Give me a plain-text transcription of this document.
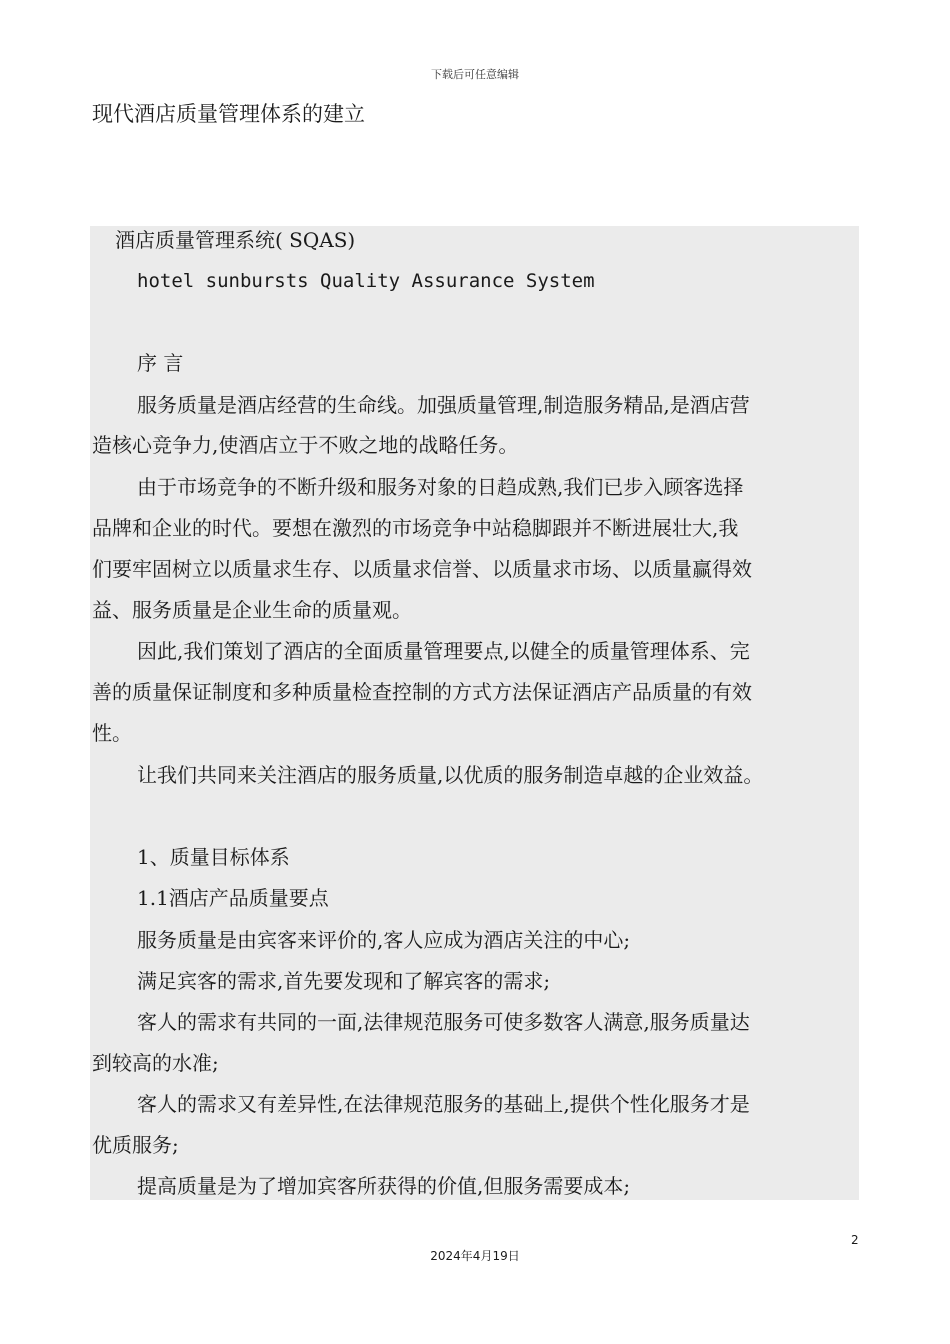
下载后可任意编辑
现代酒店质量管理体系的建立

酒店质量管理系统( SQAS)

hotel sunbursts Quality Assurance System

序 言

服务质量是酒店经营的生命线。加强质量管理,制造服务精品,是酒店营

造核心竞争力,使酒店立于不败之地的战略任务。

由于市场竞争的不断升级和服务对象的日趋成熟,我们已步入顾客选择

品牌和企业的时代。要想在激烈的市场竞争中站稳脚跟并不断进展壮大,我

们要牢固树立以质量求生存、以质量求信誉、以质量求市场、以质量赢得效

益、服务质量是企业生命的质量观。

因此,我们策划了酒店的全面质量管理要点,以健全的质量管理体系、完

善的质量保证制度和多种质量检查控制的方式方法保证酒店产品质量的有效

性。

让我们共同来关注酒店的服务质量,以优质的服务制造卓越的企业效益。

1、质量目标体系

1.1酒店产品质量要点

服务质量是由宾客来评价的,客人应成为酒店关注的中心;

满足宾客的需求,首先要发现和了解宾客的需求;

客人的需求有共同的一面,法律规范服务可使多数客人满意,服务质量达

到较高的水准;

客人的需求又有差异性,在法律规范服务的基础上,提供个性化服务才是

优质服务;

提高质量是为了增加宾客所获得的价值,但服务需要成本;

2
2024年4月19日
